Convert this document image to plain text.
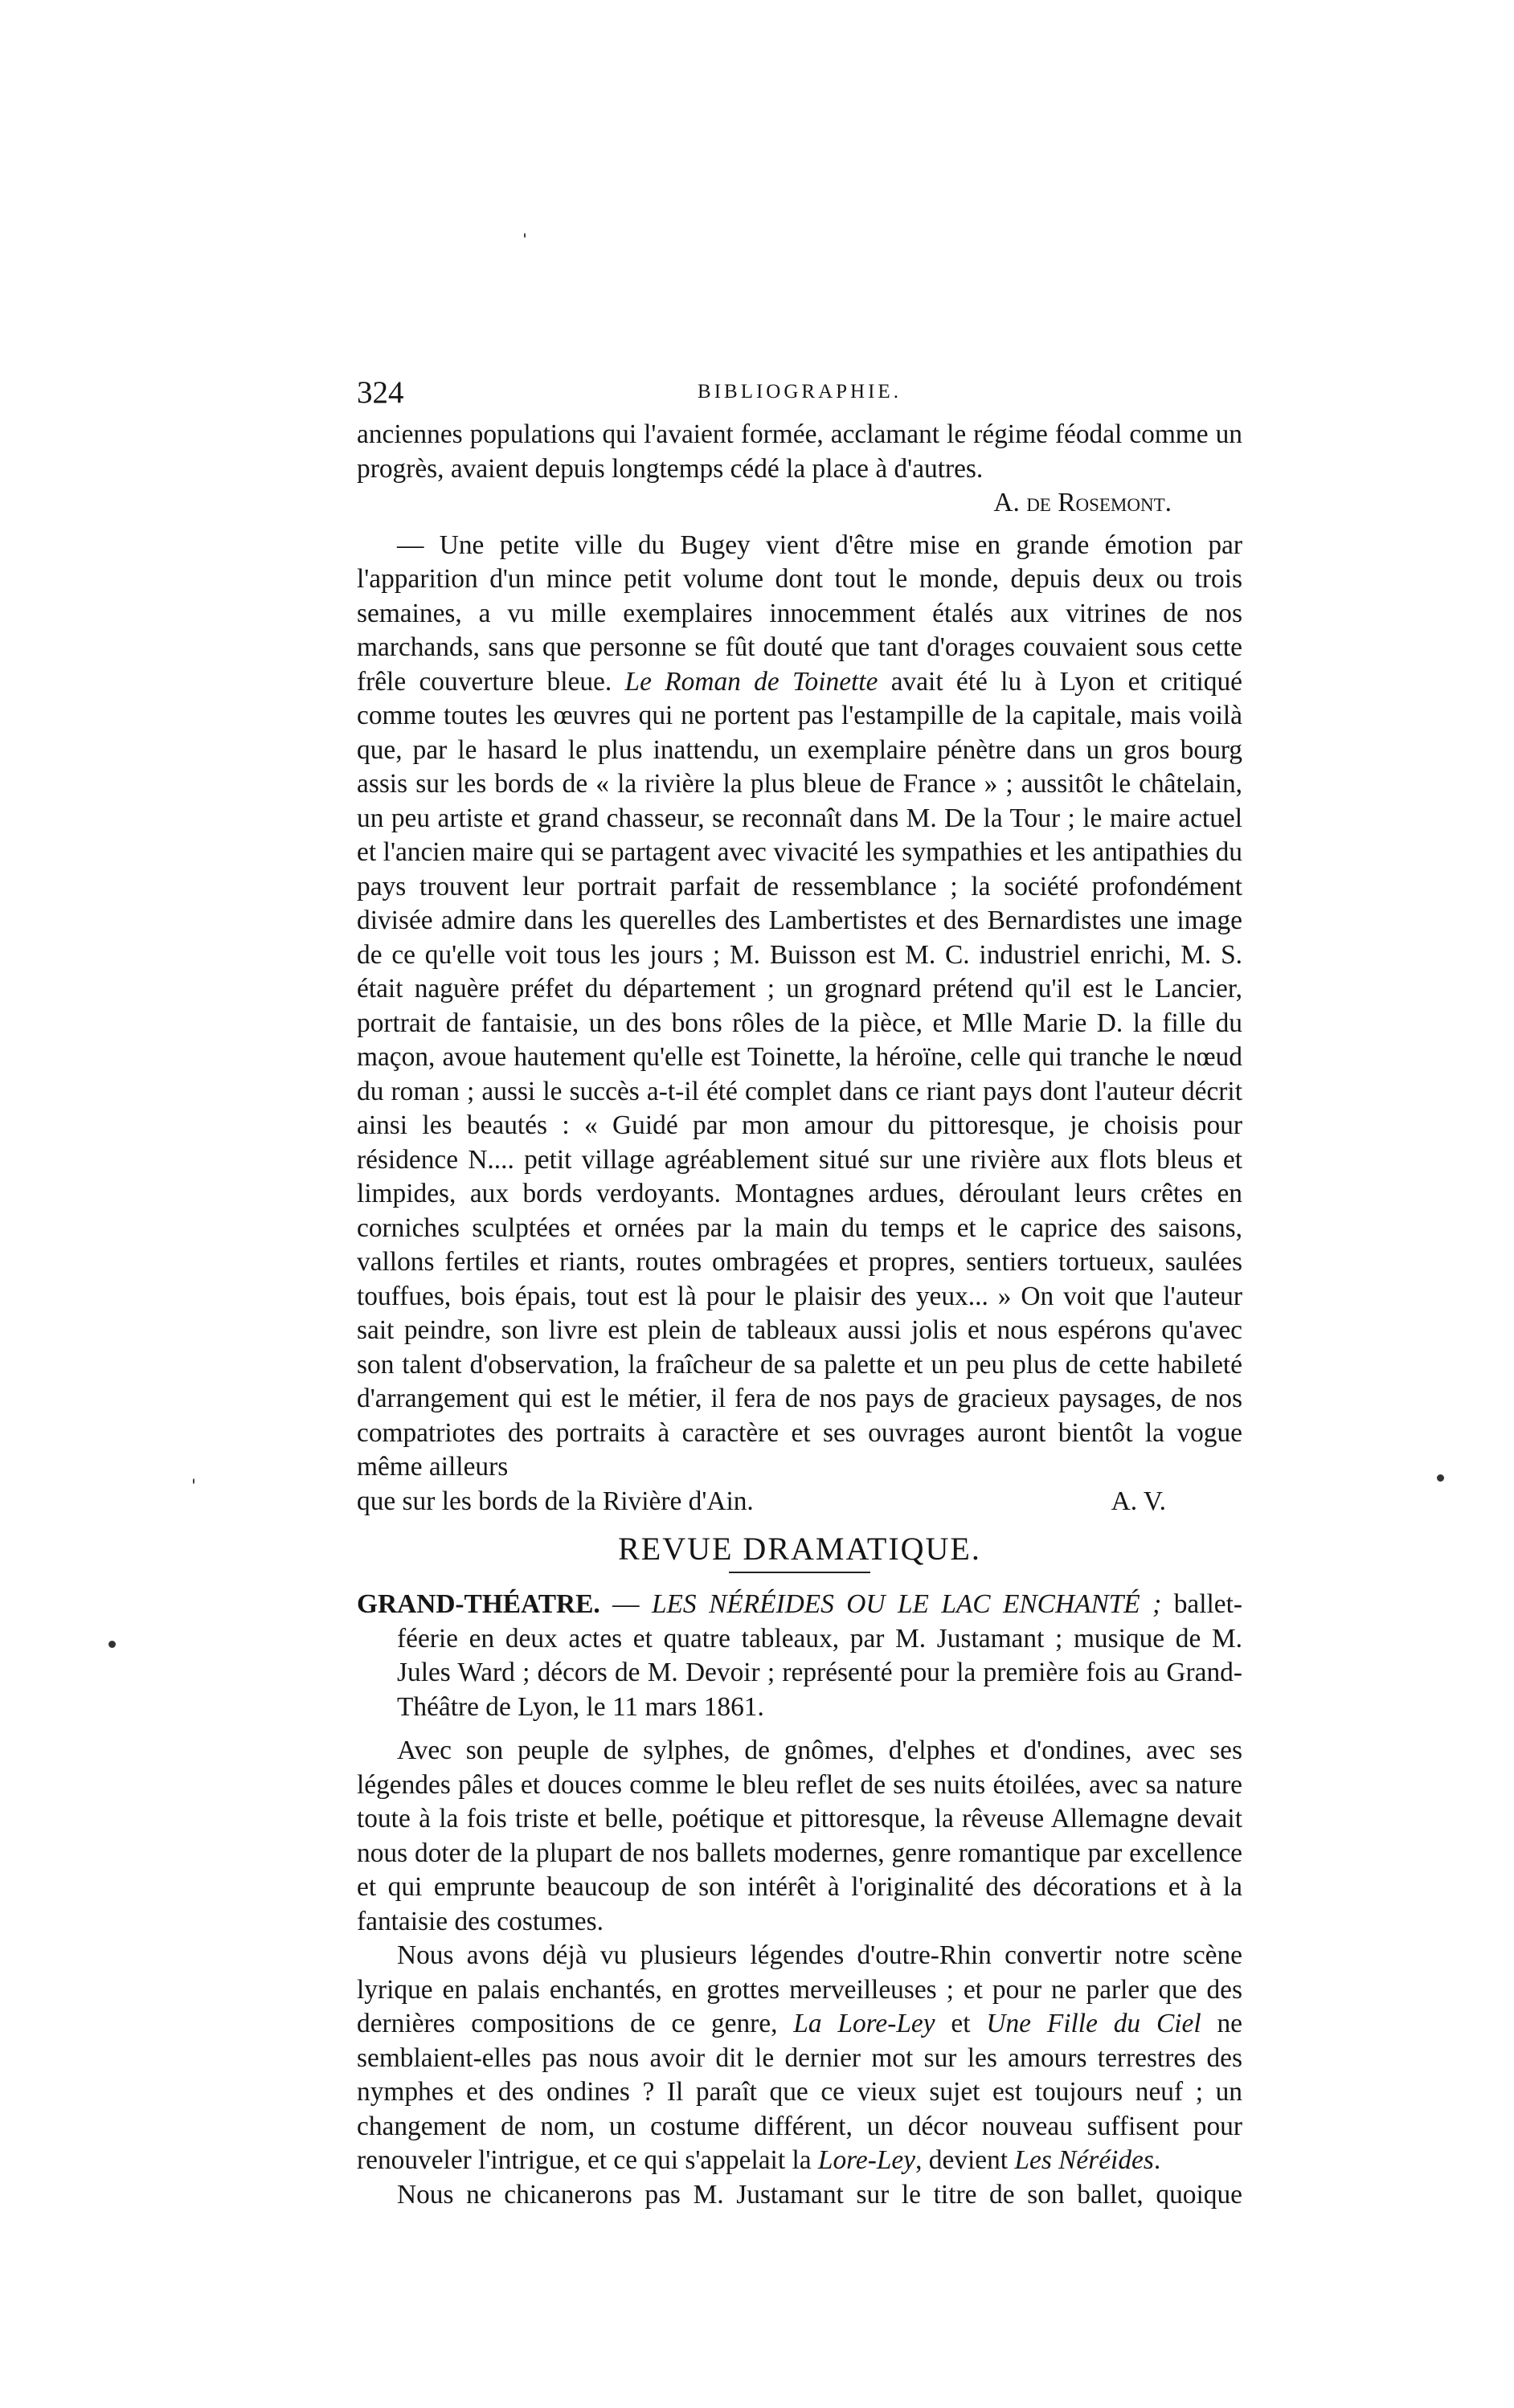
324	BIBLIOGRAPHIE.

anciennes populations qui l'avaient formée, acclamant le régime féodal comme un progrès, avaient depuis longtemps cédé la place à d'autres.

A. de Rosemont.

— Une petite ville du Bugey vient d'être mise en grande émotion par l'apparition d'un mince petit volume dont tout le monde, depuis deux ou trois semaines, a vu mille exemplaires innocemment étalés aux vitrines de nos marchands, sans que personne se fût douté que tant d'orages couvaient sous cette frêle couverture bleue. Le Roman de Toinette avait été lu à Lyon et critiqué comme toutes les œuvres qui ne portent pas l'estampille de la capitale, mais voilà que, par le hasard le plus inattendu, un exemplaire pénètre dans un gros bourg assis sur les bords de « la rivière la plus bleue de France » ; aussitôt le châtelain, un peu artiste et grand chasseur, se reconnaît dans M. De la Tour ; le maire actuel et l'ancien maire qui se partagent avec vivacité les sympathies et les antipathies du pays trouvent leur portrait parfait de ressemblance ; la société profondément divisée admire dans les querelles des Lambertistes et des Bernardistes une image de ce qu'elle voit tous les jours ; M. Buisson est M. C. industriel enrichi, M. S. était naguère préfet du département ; un grognard prétend qu'il est le Lancier, portrait de fantaisie, un des bons rôles de la pièce, et Mlle Marie D. la fille du maçon, avoue hautement qu'elle est Toinette, la héroïne, celle qui tranche le nœud du roman ; aussi le succès a-t-il été complet dans ce riant pays dont l'auteur décrit ainsi les beautés : « Guidé par mon amour du pittoresque, je choisis pour résidence N.... petit village agréablement situé sur une rivière aux flots bleus et limpides, aux bords verdoyants. Montagnes ardues, déroulant leurs crêtes en corniches sculptées et ornées par la main du temps et le caprice des saisons, vallons fertiles et riants, routes ombragées et propres, sentiers tortueux, saulées touffues, bois épais, tout est là pour le plaisir des yeux... » On voit que l'auteur sait peindre, son livre est plein de tableaux aussi jolis et nous espérons qu'avec son talent d'observation, la fraîcheur de sa palette et un peu plus de cette habileté d'arrangement qui est le métier, il fera de nos pays de gracieux paysages, de nos compatriotes des portraits à caractère et ses ouvrages auront bientôt la vogue même ailleurs

que sur les bords de la Rivière d'Ain.	A. V.
REVUE DRAMATIQUE.

GRAND-THÉATRE. — LES NÉRÉIDES OU LE LAC ENCHANTÉ ; ballet-féerie en deux actes et quatre tableaux, par M. Justamant ; musique de M. Jules Ward ; décors de M. Devoir ; représenté pour la première fois au Grand-Théâtre de Lyon, le 11 mars 1861.

Avec son peuple de sylphes, de gnômes, d'elphes et d'ondines, avec ses légendes pâles et douces comme le bleu reflet de ses nuits étoilées, avec sa nature toute à la fois triste et belle, poétique et pittoresque, la rêveuse Allemagne devait nous doter de la plupart de nos ballets modernes, genre romantique par excellence et qui emprunte beaucoup de son intérêt à l'originalité des décorations et à la fantaisie des costumes.

Nous avons déjà vu plusieurs légendes d'outre-Rhin convertir notre scène lyrique en palais enchantés, en grottes merveilleuses ; et pour ne parler que des dernières compositions de ce genre, La Lore-Ley et Une Fille du Ciel ne semblaient-elles pas nous avoir dit le dernier mot sur les amours terrestres des nymphes et des ondines ? Il paraît que ce vieux sujet est toujours neuf ; un changement de nom, un costume différent, un décor nouveau suffisent pour renouveler l'intrigue, et ce qui s'appelait la Lore-Ley, devient Les Néréides.

Nous ne chicanerons pas M. Justamant sur le titre de son ballet, quoique
